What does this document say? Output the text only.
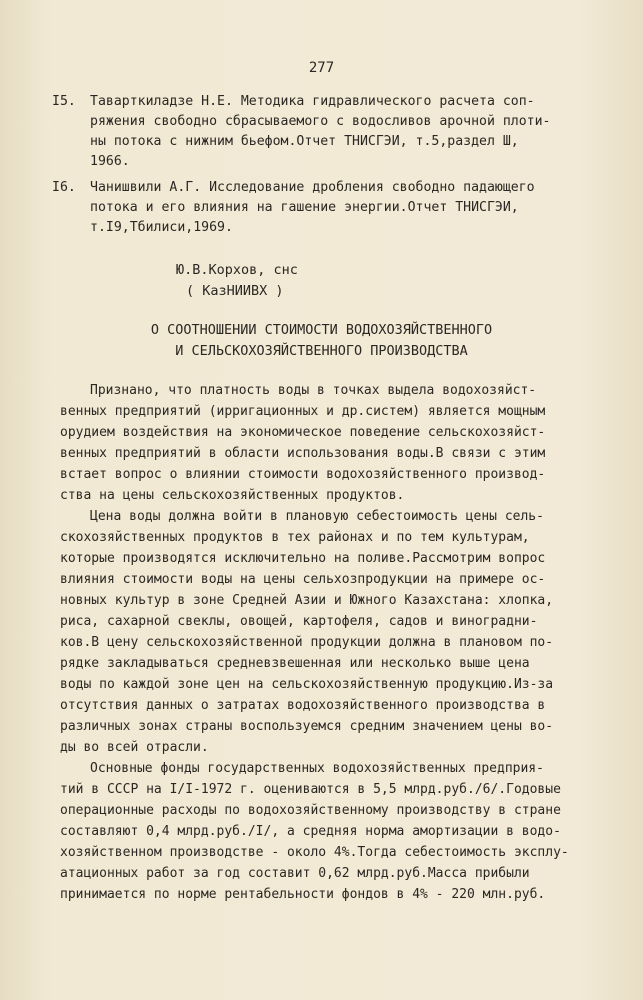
277
I5. Таварткиладзе Н.Е. Методика гидравлического расчета соп-
ряжения свободно сбрасываемого с водосливов арочной плоти-
ны потока с нижним бьефом.Отчет ТНИСГЭИ, т.5,раздел Ш,
1966.
I6. Чанишвили А.Г. Исследование дробления свободно падающего
потока и его влияния на гашение энергии.Отчет ТНИСГЭИ,
т.I9,Тбилиси,1969.
Ю.В.Корхов, снс
( КазНИИВХ )
О СООТНОШЕНИИ СТОИМОСТИ ВОДОХОЗЯЙСТВЕННОГО
И СЕЛЬСКОХОЗЯЙСТВЕННОГО ПРОИЗВОДСТВА
Признано, что платность воды в точках выдела водохозяйст-
венных предприятий (ирригационных и др.систем) является мощным
орудием воздействия на экономическое поведение сельскохозяйст-
венных предприятий в области использования воды.В связи с этим
встает вопрос о влиянии стоимости водохозяйственного производ-
ства на цены сельскохозяйственных продуктов.
Цена воды должна войти в плановую себестоимость цены сель-
скохозяйственных продуктов в тех районах и по тем культурам,
которые производятся исключительно на поливе.Рассмотрим вопрос
влияния стоимости воды на цены сельхозпродукции на примере ос-
новных культур в зоне Средней Азии и Южного Казахстана: хлопка,
риса, сахарной свеклы, овощей, картофеля, садов и виноградни-
ков.В цену сельскохозяйственной продукции должна в плановом по-
рядке закладываться средневзвешенная или несколько выше цена
воды по каждой зоне цен на сельскохозяйственную продукцию.Из-за
отсутствия данных о затратах водохозяйственного производства в
различных зонах страны воспользуемся средним значением цены во-
ды во всей отрасли.
Основные фонды государственных водохозяйственных предприя-
тий в СССР на I/I-1972 г. оцениваются в 5,5 млрд.руб./6/.Годовые
операционные расходы по водохозяйственному производству в стране
составляют 0,4 млрд.руб./I/, а средняя норма амортизации в водо-
хозяйственном производстве - около 4%.Тогда себестоимость эксплу-
атационных работ за год составит 0,62 млрд.руб.Масса прибыли
принимается по норме рентабельности фондов в 4% - 220 млн.руб.
